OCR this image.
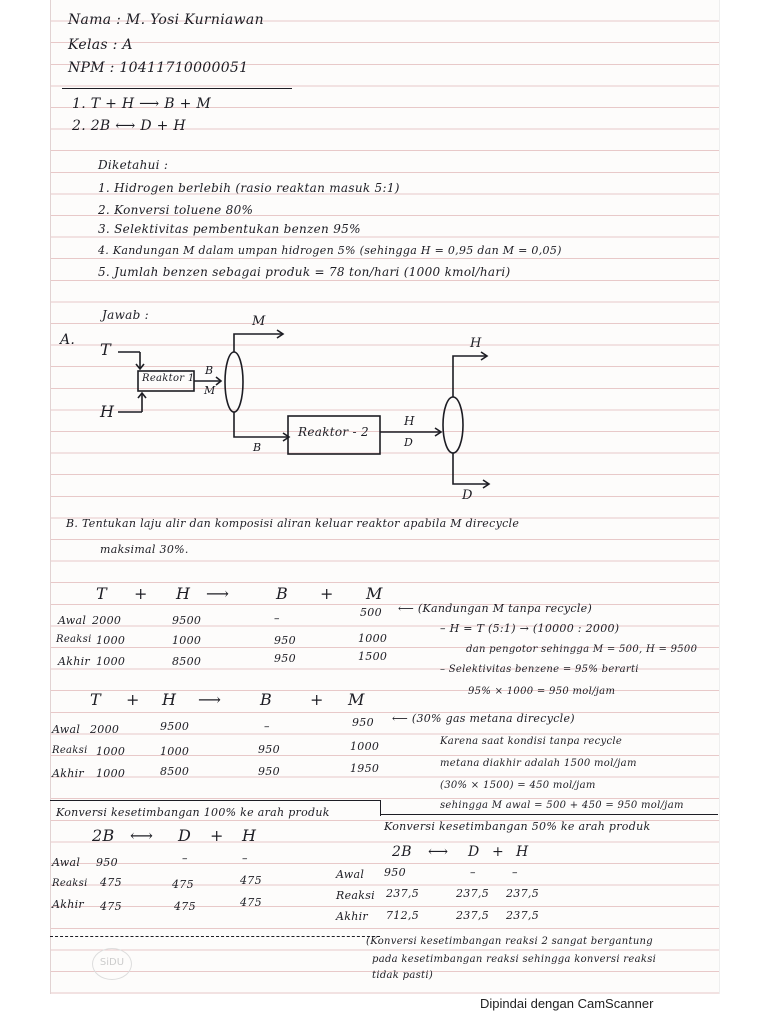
Nama : M. Yosi Kurniawan
Kelas : A
NPM : 10411710000051
1. T + H ⟶ B + M
2. 2B ⟷ D + H
Diketahui :
1. Hidrogen berlebih (rasio reaktan masuk 5:1)
2. Konversi toluene 80%
3. Selektivitas pembentukan benzen 95%
4. Kandungan M dalam umpan hidrogen 5% (sehingga H = 0,95 dan M = 0,05)
5. Jumlah benzen sebagai produk = 78 ton/hari (1000 kmol/hari)
Jawab :
A. T
H
Reaktor 1
B
M
M
B
Reaktor - 2
H
D
H
D
B. Tentukan laju alir dan komposisi aliran keluar reaktor apabila M direcycle
maksimal 30%.
T + H ⟶	B + M
Awal 2000	9500	–	500
Reaksi 1000	1000	950	1000
Akhir 1000	8500	950	1500
⟵ (Kandungan M tanpa recycle)
– H = T (5:1) → (10000 : 2000)
dan pengotor sehingga M = 500, H = 9500
– Selektivitas benzene = 95% berarti
95% × 1000 = 950 mol/jam
T + H ⟶ B + M
Awal 2000	9500	–	950
Reaksi 1000	1000	950	1000
Akhir 1000	8500	950	1950
⟵ (30% gas metana direcycle)
Karena saat kondisi tanpa recycle
metana diakhir adalah 1500 mol/jam
(30% × 1500) = 450 mol/jam
sehingga M awal = 500 + 450 = 950 mol/jam
Konversi kesetimbangan 100% ke arah produk
2B ⟷ D + H
Awal 950	–	–
Reaksi 475	475	475
Akhir 475	475	475
Konversi kesetimbangan 50% ke arah produk
2B ⟷ D + H
Awal 950	–	–
Reaksi 237,5	237,5 237,5
Akhir 712,5	237,5 237,5
(Konversi kesetimbangan reaksi 2 sangat bergantung
pada kesetimbangan reaksi sehingga konversi reaksi
tidak pasti)
SiDU
Dipindai dengan CamScanner
